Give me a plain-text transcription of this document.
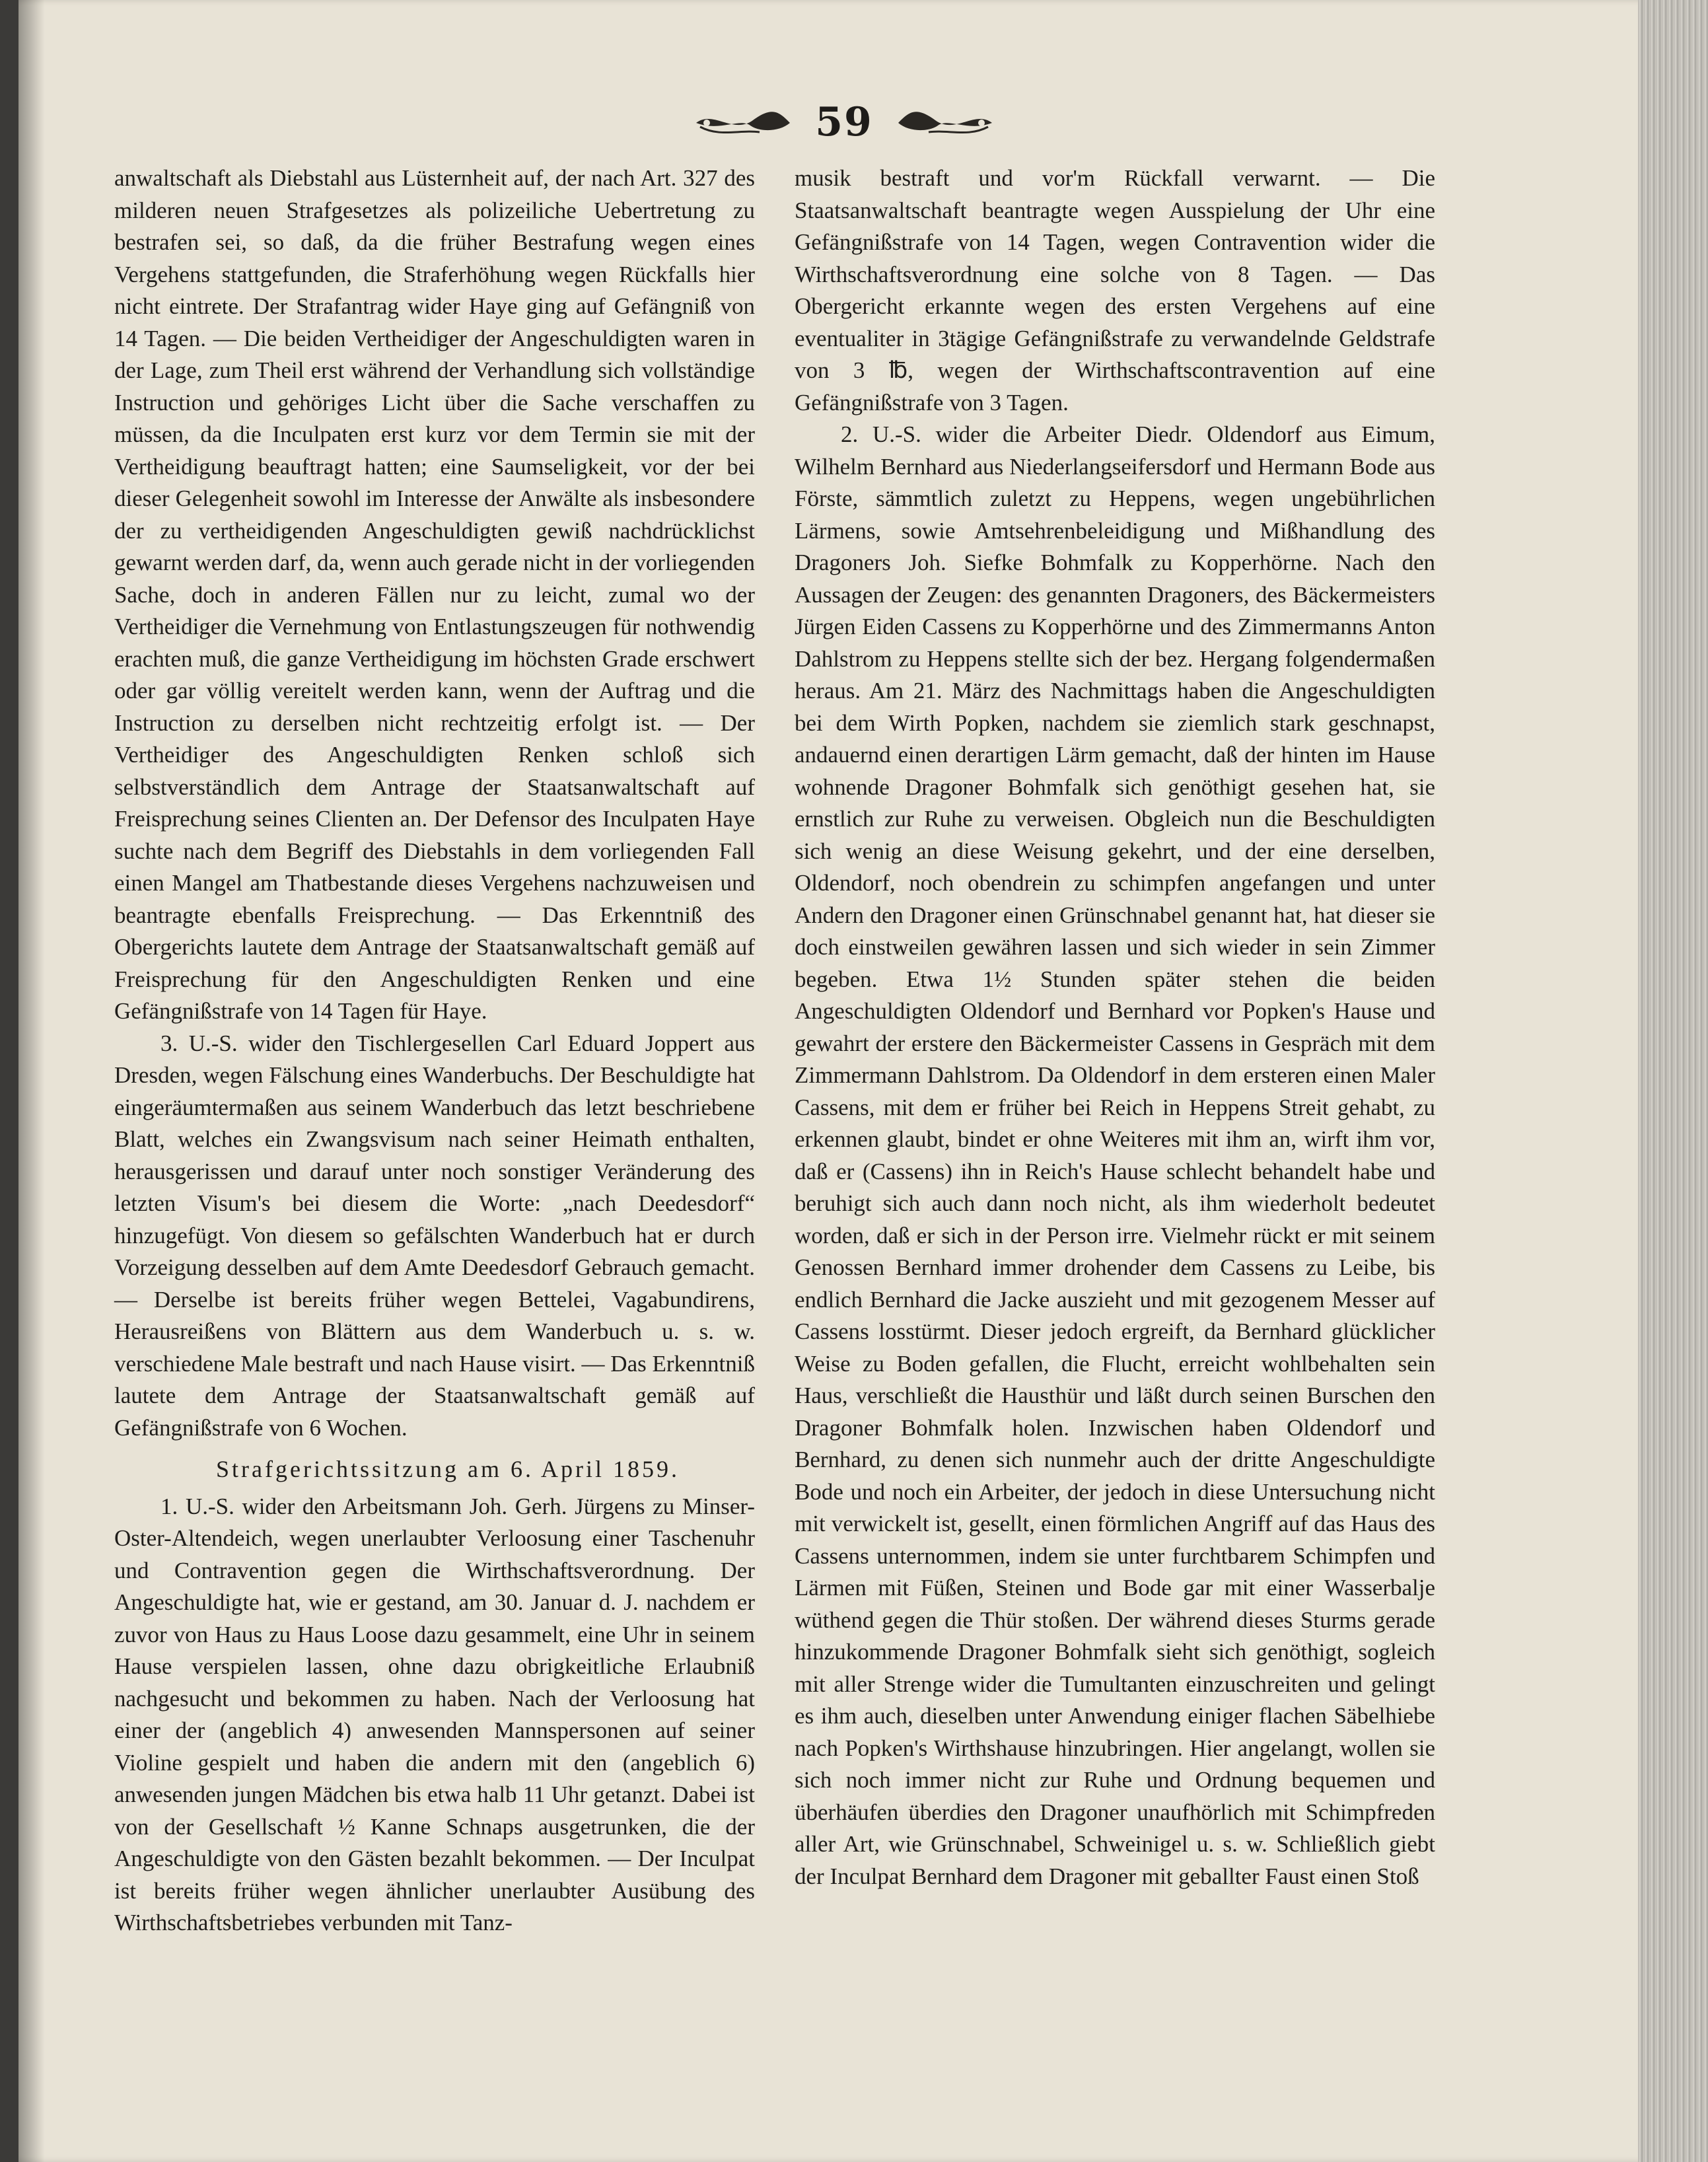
59

anwaltschaft als Diebstahl aus Lüsternheit auf, der nach Art. 327 des milderen neuen Strafgesetzes als polizeiliche Uebertretung zu bestrafen sei, so daß, da die früher Bestrafung wegen eines Vergehens stattgefunden, die Straferhöhung wegen Rückfalls hier nicht eintrete. Der Strafantrag wider Haye ging auf Gefängniß von 14 Tagen. — Die beiden Vertheidiger der Angeschuldigten waren in der Lage, zum Theil erst während der Verhandlung sich vollständige Instruction und gehöriges Licht über die Sache verschaffen zu müssen, da die Inculpaten erst kurz vor dem Termin sie mit der Vertheidigung beauftragt hatten; eine Saumseligkeit, vor der bei dieser Gelegenheit sowohl im Interesse der Anwälte als insbesondere der zu vertheidigenden Angeschuldigten gewiß nachdrücklichst gewarnt werden darf, da, wenn auch gerade nicht in der vorliegenden Sache, doch in anderen Fällen nur zu leicht, zumal wo der Vertheidiger die Vernehmung von Entlastungszeugen für nothwendig erachten muß, die ganze Vertheidigung im höchsten Grade erschwert oder gar völlig vereitelt werden kann, wenn der Auftrag und die Instruction zu derselben nicht rechtzeitig erfolgt ist. — Der Vertheidiger des Angeschuldigten Renken schloß sich selbstverständlich dem Antrage der Staatsanwaltschaft auf Freisprechung seines Clienten an. Der Defensor des Inculpaten Haye suchte nach dem Begriff des Diebstahls in dem vorliegenden Fall einen Mangel am Thatbestande dieses Vergehens nachzuweisen und beantragte ebenfalls Freisprechung. — Das Erkenntniß des Obergerichts lautete dem Antrage der Staatsanwaltschaft gemäß auf Freisprechung für den Angeschuldigten Renken und eine Gefängnißstrafe von 14 Tagen für Haye.

3. U.-S. wider den Tischlergesellen Carl Eduard Joppert aus Dresden, wegen Fälschung eines Wanderbuchs. Der Beschuldigte hat eingeräumtermaßen aus seinem Wanderbuch das letzt beschriebene Blatt, welches ein Zwangsvisum nach seiner Heimath enthalten, herausgerissen und darauf unter noch sonstiger Veränderung des letzten Visum's bei diesem die Worte: „nach Deedesdorf“ hinzugefügt. Von diesem so gefälschten Wanderbuch hat er durch Vorzeigung desselben auf dem Amte Deedesdorf Gebrauch gemacht. — Derselbe ist bereits früher wegen Bettelei, Vagabundirens, Herausreißens von Blättern aus dem Wanderbuch u. s. w. verschiedene Male bestraft und nach Hause visirt. — Das Erkenntniß lautete dem Antrage der Staatsanwaltschaft gemäß auf Gefängnißstrafe von 6 Wochen.

Strafgerichtssitzung am 6. April 1859.

1. U.-S. wider den Arbeitsmann Joh. Gerh. Jürgens zu Minser-Oster-Altendeich, wegen unerlaubter Verloosung einer Taschenuhr und Contravention gegen die Wirthschaftsverordnung. Der Angeschuldigte hat, wie er gestand, am 30. Januar d. J. nachdem er zuvor von Haus zu Haus Loose dazu gesammelt, eine Uhr in seinem Hause verspielen lassen, ohne dazu obrigkeitliche Erlaubniß nachgesucht und bekommen zu haben. Nach der Verloosung hat einer der (angeblich 4) anwesenden Mannspersonen auf seiner Violine gespielt und haben die andern mit den (angeblich 6) anwesenden jungen Mädchen bis etwa halb 11 Uhr getanzt. Dabei ist von der Gesellschaft ½ Kanne Schnaps ausgetrunken, die der Angeschuldigte von den Gästen bezahlt bekommen. — Der Inculpat ist bereits früher wegen ähnlicher unerlaubter Ausübung des Wirthschaftsbetriebes verbunden mit Tanz-

musik bestraft und vor'm Rückfall verwarnt. — Die Staatsanwaltschaft beantragte wegen Ausspielung der Uhr eine Gefängnißstrafe von 14 Tagen, wegen Contravention wider die Wirthschaftsverordnung eine solche von 8 Tagen. — Das Obergericht erkannte wegen des ersten Vergehens auf eine eventualiter in 3tägige Gefängnißstrafe zu verwandelnde Geldstrafe von 3 ℔, wegen der Wirthschaftscontravention auf eine Gefängnißstrafe von 3 Tagen.

2. U.-S. wider die Arbeiter Diedr. Oldendorf aus Eimum, Wilhelm Bernhard aus Niederlangseifersdorf und Hermann Bode aus Förste, sämmtlich zuletzt zu Heppens, wegen ungebührlichen Lärmens, sowie Amtsehrenbeleidigung und Mißhandlung des Dragoners Joh. Siefke Bohmfalk zu Kopperhörne. Nach den Aussagen der Zeugen: des genannten Dragoners, des Bäckermeisters Jürgen Eiden Cassens zu Kopperhörne und des Zimmermanns Anton Dahlstrom zu Heppens stellte sich der bez. Hergang folgendermaßen heraus. Am 21. März des Nachmittags haben die Angeschuldigten bei dem Wirth Popken, nachdem sie ziemlich stark geschnapst, andauernd einen derartigen Lärm gemacht, daß der hinten im Hause wohnende Dragoner Bohmfalk sich genöthigt gesehen hat, sie ernstlich zur Ruhe zu verweisen. Obgleich nun die Beschuldigten sich wenig an diese Weisung gekehrt, und der eine derselben, Oldendorf, noch obendrein zu schimpfen angefangen und unter Andern den Dragoner einen Grünschnabel genannt hat, hat dieser sie doch einstweilen gewähren lassen und sich wieder in sein Zimmer begeben. Etwa 1½ Stunden später stehen die beiden Angeschuldigten Oldendorf und Bernhard vor Popken's Hause und gewahrt der erstere den Bäckermeister Cassens in Gespräch mit dem Zimmermann Dahlstrom. Da Oldendorf in dem ersteren einen Maler Cassens, mit dem er früher bei Reich in Heppens Streit gehabt, zu erkennen glaubt, bindet er ohne Weiteres mit ihm an, wirft ihm vor, daß er (Cassens) ihn in Reich's Hause schlecht behandelt habe und beruhigt sich auch dann noch nicht, als ihm wiederholt bedeutet worden, daß er sich in der Person irre. Vielmehr rückt er mit seinem Genossen Bernhard immer drohender dem Cassens zu Leibe, bis endlich Bernhard die Jacke auszieht und mit gezogenem Messer auf Cassens losstürmt. Dieser jedoch ergreift, da Bernhard glücklicher Weise zu Boden gefallen, die Flucht, erreicht wohlbehalten sein Haus, verschließt die Hausthür und läßt durch seinen Burschen den Dragoner Bohmfalk holen. Inzwischen haben Oldendorf und Bernhard, zu denen sich nunmehr auch der dritte Angeschuldigte Bode und noch ein Arbeiter, der jedoch in diese Untersuchung nicht mit verwickelt ist, gesellt, einen förmlichen Angriff auf das Haus des Cassens unternommen, indem sie unter furchtbarem Schimpfen und Lärmen mit Füßen, Steinen und Bode gar mit einer Wasserbalje wüthend gegen die Thür stoßen. Der während dieses Sturms gerade hinzukommende Dragoner Bohmfalk sieht sich genöthigt, sogleich mit aller Strenge wider die Tumultanten einzuschreiten und gelingt es ihm auch, dieselben unter Anwendung einiger flachen Säbelhiebe nach Popken's Wirthshause hinzubringen. Hier angelangt, wollen sie sich noch immer nicht zur Ruhe und Ordnung bequemen und überhäufen überdies den Dragoner unaufhörlich mit Schimpfreden aller Art, wie Grünschnabel, Schweinigel u. s. w. Schließlich giebt der Inculpat Bernhard dem Dragoner mit geballter Faust einen Stoß
